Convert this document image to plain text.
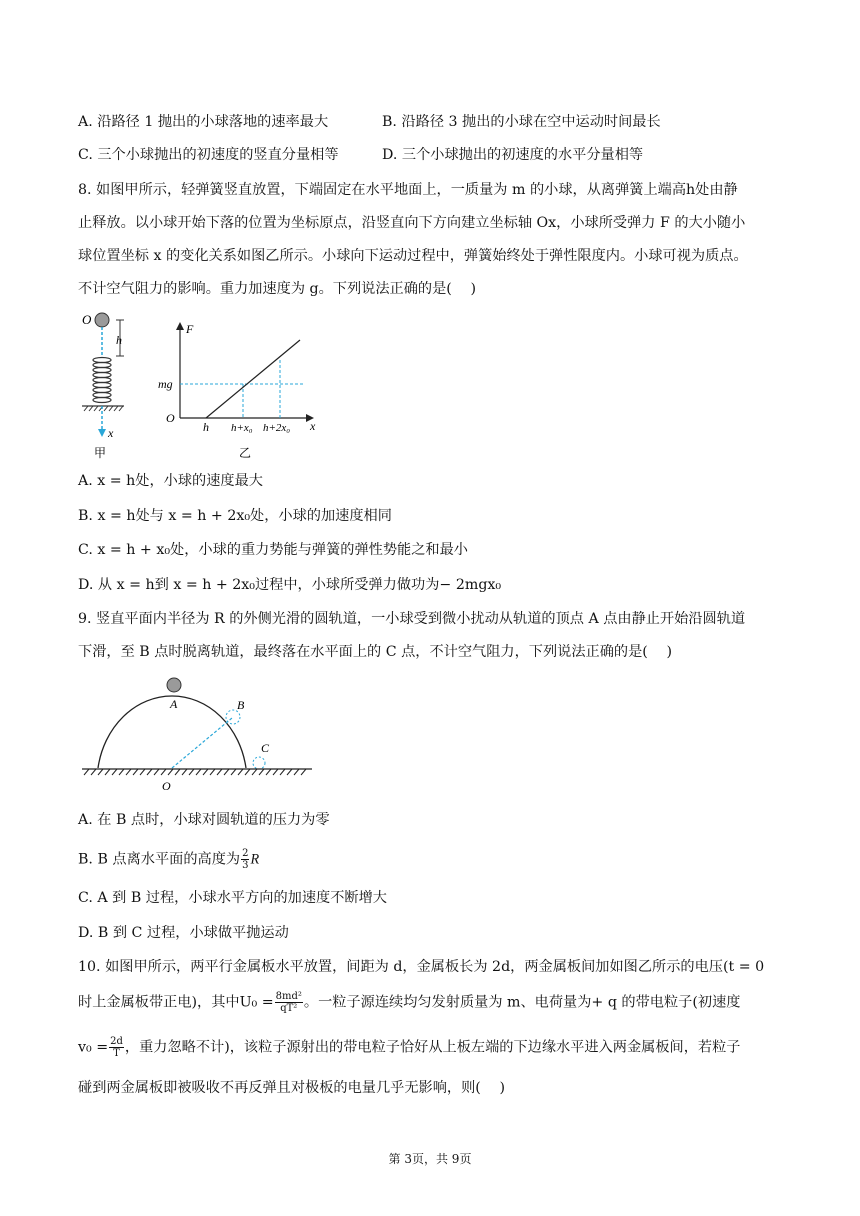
A. 沿路径 1 抛出的小球落地的速率最大	B. 沿路径 3 抛出的小球在空中运动时间最长
C. 三个小球抛出的初速度的竖直分量相等	D. 三个小球抛出的初速度的水平分量相等
8. 如图甲所示，轻弹簧竖直放置，下端固定在水平地面上，一质量为 m 的小球，从离弹簧上端高h处由静
止释放。以小球开始下落的位置为坐标原点，沿竖直向下方向建立坐标轴 Ox，小球所受弹力 F 的大小随小
球位置坐标 x 的变化关系如图乙所示。小球向下运动过程中，弹簧始终处于弹性限度内。小球可视为质点。
不计空气阻力的影响。重力加速度为 g。下列说法正确的是(　 )
O
h
x
甲
F
x
O
mg
h h+x₀ h+2x₀
乙
A. x = h处，小球的速度最大
B. x = h处与 x = h + 2x₀处，小球的加速度相同
C. x = h + x₀处，小球的重力势能与弹簧的弹性势能之和最小
D. 从 x = h到 x = h + 2x₀过程中，小球所受弹力做功为− 2mgx₀
9. 竖直平面内半径为 R 的外侧光滑的圆轨道，一小球受到微小扰动从轨道的顶点 A 点由静止开始沿圆轨道
下滑，至 B 点时脱离轨道，最终落在水平面上的 C 点，不计空气阻力，下列说法正确的是(　 )
A	B
C
O
A. 在 B 点时，小球对圆轨道的压力为零
B. B 点离水平面的高度为 $\frac{2}{3}$ R
C. A 到 B 过程，小球水平方向的加速度不断增大
D. B 到 C 过程，小球做平抛运动
10. 如图甲所示，两平行金属板水平放置，间距为 d，金属板长为 2d，两金属板间加如图乙所示的电压(t = 0
时上金属板带正电)，其中$U_0 = \frac{\text{8md²}}{\text{qT²}}$ 。一粒子源连续均匀发射质量为 m、电荷量为+ q 的带电粒子(初速度
$v_0 = \frac{2d}{T}$ ，重力忽略不计)，该粒子源射出的带电粒子恰好从上板左端的下边缘水平进入两金属板间，若粒子
碰到两金属板即被吸收不再反弹且对极板的电量几乎无影响，则(　 )
第 3页，共 9页
